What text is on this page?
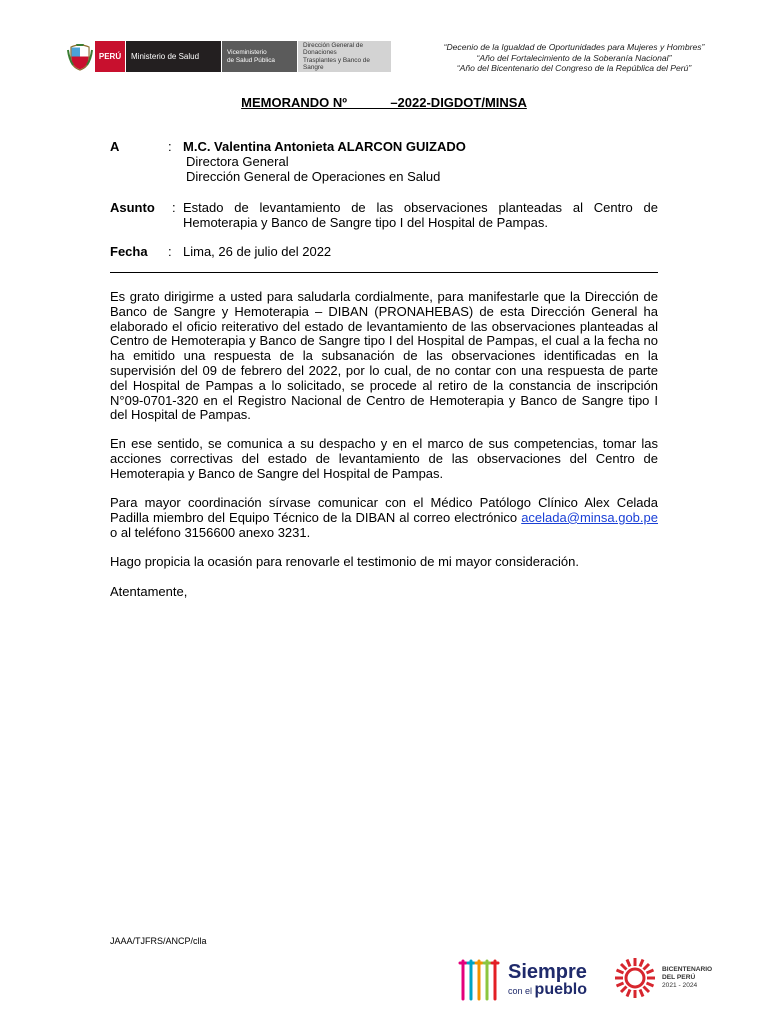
PERÚ	Ministerio de Salud	Viceministerio
de Salud Pública
Dirección General de Donaciones
Trasplantes y Banco de Sangre
“Decenio de la Igualdad de Oportunidades para Mujeres y Hombres”
“Año del Fortalecimiento de la Soberanía Nacional”
“Año del Bicentenario del Congreso de la República del Perú”
MEMORANDO Nº            –2022-DIGDOT/MINSA
A	: M.C. Valentina Antonieta ALARCON GUIZADO
Directora General
Dirección General de Operaciones en Salud
Asunto : Estado de levantamiento de las observaciones planteadas al Centro de Hemoterapia y Banco de Sangre tipo I del Hospital de Pampas.
Fecha : Lima, 26 de julio del 2022
Es grato dirigirme a usted para saludarla cordialmente, para manifestarle que la Dirección de Banco de Sangre y Hemoterapia – DIBAN (PRONAHEBAS) de esta Dirección General ha elaborado el oficio reiterativo del estado de levantamiento de las observaciones planteadas al Centro de Hemoterapia y Banco de Sangre tipo I del Hospital de Pampas, el cual a la fecha no ha emitido una respuesta de la subsanación de las observaciones identificadas en la supervisión del 09 de febrero del 2022, por lo cual, de no contar con una respuesta de parte del Hospital de Pampas a lo solicitado, se procede al retiro de la constancia de inscripción N°09-0701-320 en el Registro Nacional de Centro de Hemoterapia y Banco de Sangre tipo I del Hospital de Pampas.
En ese sentido, se comunica a su despacho y en el marco de sus competencias, tomar las acciones correctivas del estado de levantamiento de las observaciones del Centro de Hemoterapia y Banco de Sangre del Hospital de Pampas.
Para mayor coordinación sírvase comunicar con el Médico Patólogo Clínico Alex Celada Padilla miembro del Equipo Técnico de la DIBAN al correo electrónico acelada@minsa.gob.pe o al teléfono 3156600 anexo 3231.
Hago propicia la ocasión para renovarle el testimonio de mi mayor consideración.
Atentamente,
JAAA/TJFRS/ANCP/clla
Siempre
con el pueblo
BICENTENARIO
DEL PERÚ
2021 - 2024
